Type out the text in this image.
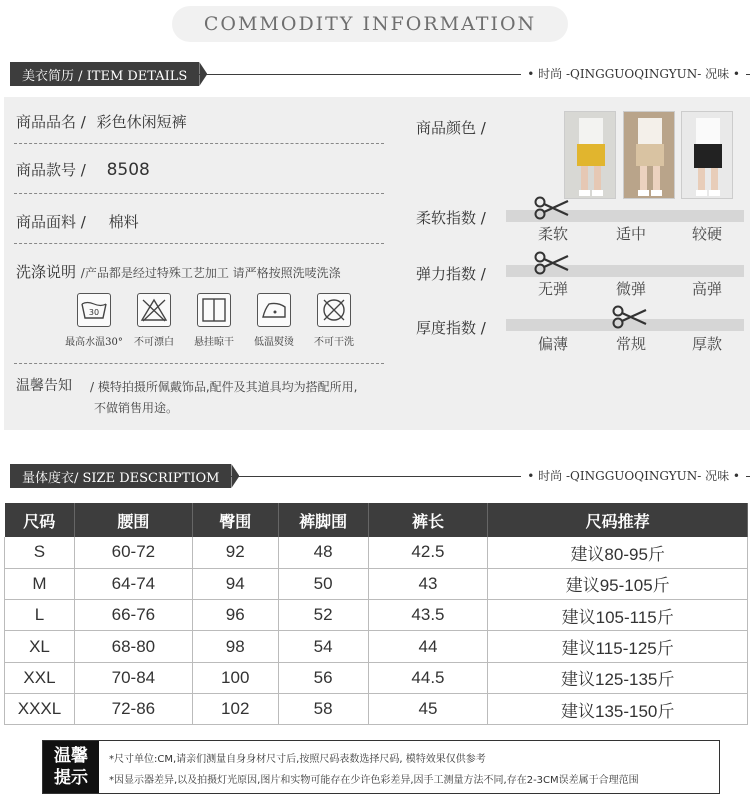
COMMODITY INFORMATION
美衣简历 / ITEM DETAILS	• 时尚 -QINGGUOQINGYUN- 况味 •
商品品名 / 彩色休闲短裤
商品款号 / 8508
商品面料 / 棉料
洗涤说明 /产品都是经过特殊工艺加工 请严格按照洗唛洗涤
30
最高水温30°	不可漂白	悬挂晾干	低温熨烫	不可干洗
温馨告知 / 模特拍摄所佩戴饰品,配件及其道具均为搭配所用,
不做销售用途。
商品颜色 /
柔软指数 /
柔软	适中	较硬
弹力指数 /
无弹	微弹	高弹
厚度指数 /
偏薄	常规	厚款
量体度衣/ SIZE DESCRIPTIOM	• 时尚 -QINGGUOQINGYUN- 况味 •
尺码	腰围	臀围	裤脚围	裤长	尺码推荐
S	60-72	92	48	42.5	建议80-95斤
M	64-74	94	50	43	建议95-105斤
L	66-76	96	52	43.5	建议105-115斤
XL	68-80	98	54	44	建议115-125斤
XXL	70-84	100	56	44.5	建议125-135斤
XXXL	72-86	102	58	45	建议135-150斤
温馨
提示
*尺寸单位:CM,请亲们测量自身身材尺寸后,按照尺码表数选择尺码, 模特效果仅供参考
*因显示器差异,以及拍摄灯光原因,图片和实物可能存在少许色彩差异,因手工测量方法不同,存在2-3CM误差属于合理范围
